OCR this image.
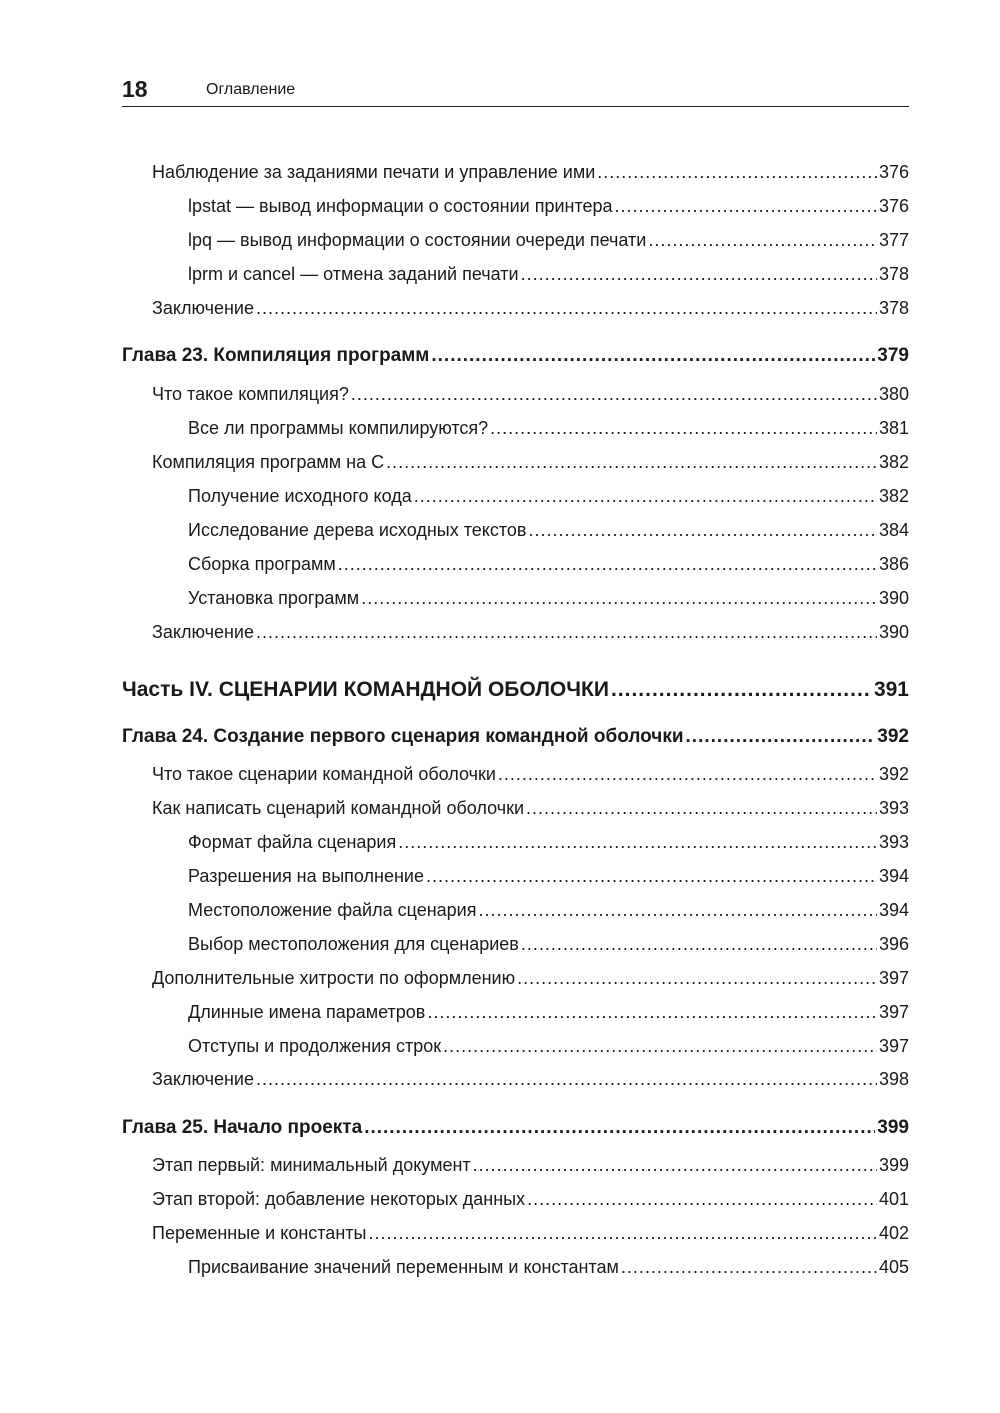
18	Оглавление
Наблюдение за заданиями печати и управление ими .....	376
lpstat — вывод информации о состоянии принтера .....	376
lpq — вывод информации о состоянии очереди печати .....	377
lprm и cancel — отмена заданий печати .....	378
Заключение .....	378
Глава 23. Компиляция программ .....	379
Что такое компиляция? .....	380
Все ли программы компилируются? .....	381
Компиляция программ на C .....	382
Получение исходного кода .....	382
Исследование дерева исходных текстов .....	384
Сборка программ .....	386
Установка программ .....	390
Заключение .....	390
Часть IV. СЦЕНАРИИ КОМАНДНОЙ ОБОЛОЧКИ .....	391
Глава 24. Создание первого сценария командной оболочки .....	392
Что такое сценарии командной оболочки .....	392
Как написать сценарий командной оболочки .....	393
Формат файла сценария .....	393
Разрешения на выполнение .....	394
Местоположение файла сценария .....	394
Выбор местоположения для сценариев .....	396
Дополнительные хитрости по оформлению .....	397
Длинные имена параметров .....	397
Отступы и продолжения строк .....	397
Заключение .....	398
Глава 25. Начало проекта .....	399
Этап первый: минимальный документ .....	399
Этап второй: добавление некоторых данных .....	401
Переменные и константы .....	402
Присваивание значений переменным и константам .....	405
